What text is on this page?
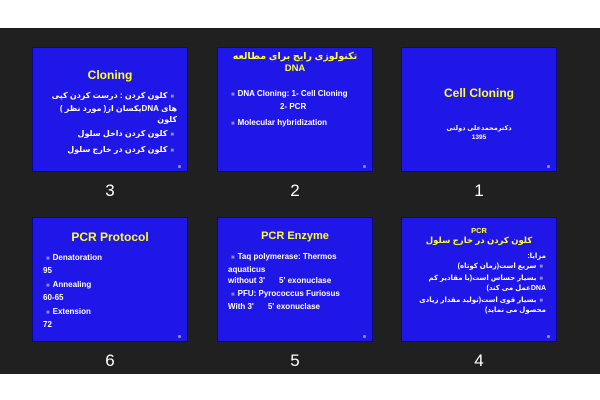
Cloning
■کلون کردن : درست کردن کپی های DNAیکسان از( مورد نظر ) کلون
■کلون کردن داخل سلول
■کلون کردن در خارج سلول
3
تکنولوژی رایج برای مطالعه DNA
■ DNA Cloning: 1- Cell Cloning
2- PCR
■ Molecular hybridization
2
Cell Cloning
دکترمحمدعلی دولتی
1395
1
PCR Protocol
■ Denatoration
95
■ Annealing
60-65
■ Extension
72
6
PCR Enzyme
■ Taq polymerase: Thermos aquaticus
without 3' 5' exonuclase
■ PFU: Pyrococcus Furiosus
With 3' 5' exonuclase
5
PCR
کلون کردن در خارج سلول
مزایا:
■سریع است(زمان کوتاه)
■بسیار حساس است(با مقادیر کم DNAعمل می کند)
■بسیار قوی است(تولید مقدار زیادی محصول می نماید)
4
